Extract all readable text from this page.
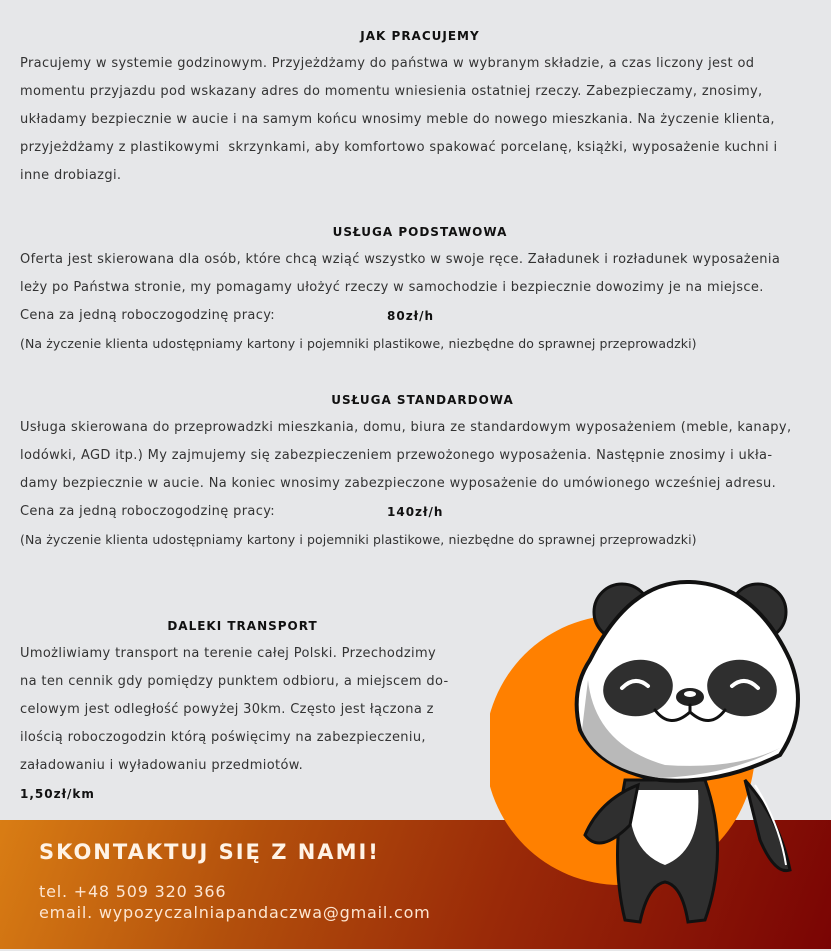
JAK PRACUJEMY
Pracujemy w systemie godzinowym. Przyjeżdżamy do państwa w wybranym składzie, a czas liczony jest od
momentu przyjazdu pod wskazany adres do momentu wniesienia ostatniej rzeczy. Zabezpieczamy, znosimy,
układamy bezpiecznie w aucie i na samym końcu wnosimy meble do nowego mieszkania. Na życzenie klienta,
przyjeżdżamy z plastikowymi  skrzynkami, aby komfortowo spakować porcelanę, książki, wyposażenie kuchni i
inne drobiazgi.
USŁUGA PODSTAWOWA
Oferta jest skierowana dla osób, które chcą wziąć wszystko w swoje ręce. Załadunek i rozładunek wyposażenia
leży po Państwa stronie, my pomagamy ułożyć rzeczy w samochodzie i bezpiecznie dowozimy je na miejsce.
Cena za jedną roboczogodzinę pracy:	80zł/h
(Na życzenie klienta udostępniamy kartony i pojemniki plastikowe, niezbędne do sprawnej przeprowadzki)
USŁUGA STANDARDOWA
Usługa skierowana do przeprowadzki mieszkania, domu, biura ze standardowym wyposażeniem (meble, kanapy,
lodówki, AGD itp.) My zajmujemy się zabezpieczeniem przewożonego wyposażenia. Następnie znosimy i ukła-
damy bezpiecznie w aucie. Na koniec wnosimy zabezpieczone wyposażenie do umówionego wcześniej adresu.
Cena za jedną roboczogodzinę pracy:	140zł/h
(Na życzenie klienta udostępniamy kartony i pojemniki plastikowe, niezbędne do sprawnej przeprowadzki)
DALEKI TRANSPORT
Umożliwiamy transport na terenie całej Polski. Przechodzimy
na ten cennik gdy pomiędzy punktem odbioru, a miejscem do-
celowym jest odległość powyżej 30km. Często jest łączona z
ilością roboczogodzin którą poświęcimy na zabezpieczeniu,
załadowaniu i wyładowaniu przedmiotów.
1,50zł/km
SKONTAKTUJ SIĘ Z NAMI!
tel. +48 509 320 366
email. wypozyczalniapandaczwa@gmail.com
